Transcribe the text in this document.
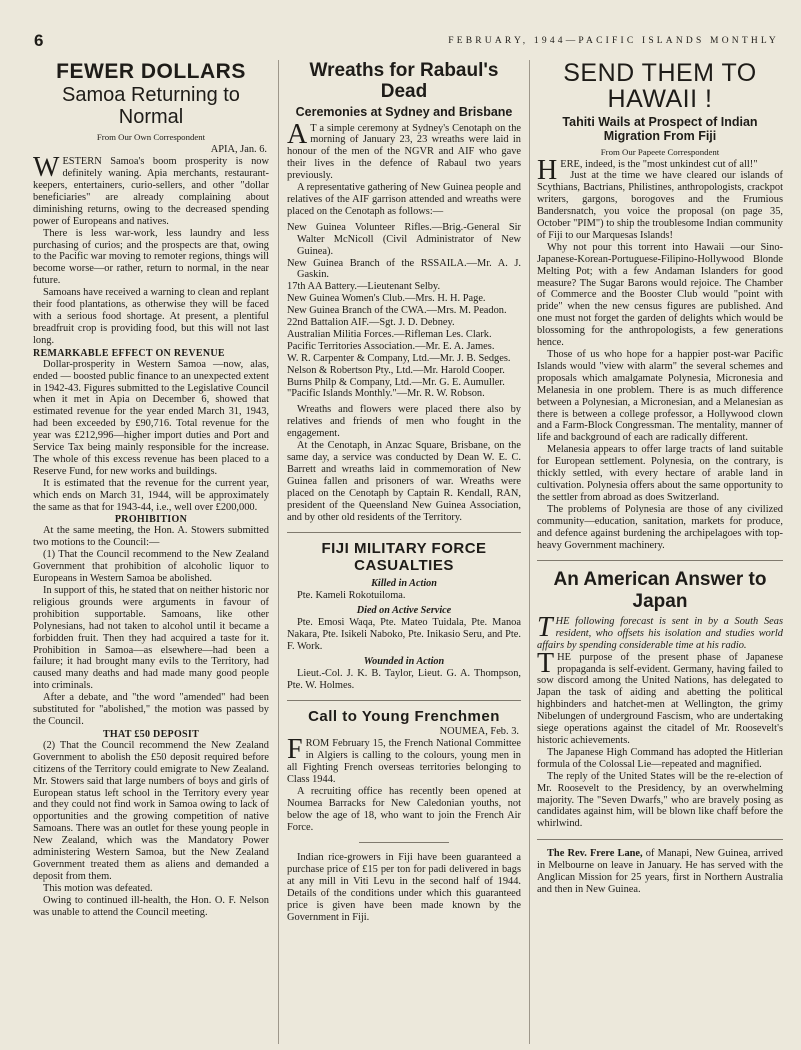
6	FEBRUARY, 1944—PACIFIC ISLANDS MONTHLY
FEWER DOLLARS
Samoa Returning to Normal
From Our Own Correspondent
APIA, Jan. 6.

WESTERN Samoa's boom prosperity is now definitely waning. Apia merchants, restaurant-keepers, entertainers, curio-sellers, and other "dollar beneficiaries" are already complaining about diminishing returns, owing to the decreased spending power of Europeans and natives.

There is less war-work, less laundry and less purchasing of curios; and the prospects are that, owing to the Pacific war moving to remoter regions, things will become worse—or rather, return to normal, in the near future.

Samoans have received a warning to clean and replant their food plantations, as otherwise they will be faced with a serious food shortage. At present, a plentiful breadfruit crop is providing food, but this will not last long.

REMARKABLE EFFECT ON REVENUE

Dollar-prosperity in Western Samoa —now, alas, ended — boosted public finance to an unexpected extent in 1942-43. Figures submitted to the Legislative Council when it met in Apia on December 6, showed that estimated revenue for the year ended March 31, 1943, had been exceeded by £90,716. Total revenue for the year was £212,996—higher import duties and Port and Service Tax being mainly responsible for the increase. The whole of this excess revenue has been placed to a Reserve Fund, for new works and buildings.

It is estimated that the revenue for the current year, which ends on March 31, 1944, will be approximately the same as that for 1943-44, i.e., well over £200,000.

PROHIBITION

At the same meeting, the Hon. A. Stowers submitted two motions to the Council:—

(1) That the Council recommend to the New Zealand Government that prohibition of alcoholic liquor to Europeans in Western Samoa be abolished.

In support of this, he stated that on neither historic nor religious grounds were arguments in favour of prohibition supportable. Samoans, like other Polynesians, had not taken to alcohol until it became a forbidden fruit. Then they had acquired a taste for it. Prohibition in Samoa—as elsewhere—had been a failure; it had brought many evils to the Territory, had caused many deaths and had made many good people into criminals.

After a debate, and "the word "amended" had been substituted for "abolished," the motion was passed by the Council.

THAT £50 DEPOSIT

(2) That the Council recommend the New Zealand Government to abolish the £50 deposit required before citizens of the Territory could emigrate to New Zealand. Mr. Stowers said that large numbers of boys and girls of European status left school in the Territory every year and they could not find work in Samoa owing to lack of opportunities and the growing competition of native Samoans. There was an outlet for these young people in New Zealand, which was the Mandatory Power administering Western Samoa, but the New Zealand Government treated them as aliens and demanded a deposit from them.

This motion was defeated.

Owing to continued ill-health, the Hon. O. F. Nelson was unable to attend the Council meeting.

Wreaths for Rabaul's Dead
Ceremonies at Sydney and Brisbane

A T a simple ceremony at Sydney's Cenotaph on the morning of January 23, 23 wreaths were laid in honour of the men of the NGVR and AIF who gave their lives in the defence of Rabaul two years previously.

A representative gathering of New Guinea people and relatives of the AIF garrison attended and wreaths were placed on the Cenotaph as follows:—

New Guinea Volunteer Rifles.—Brig.-General Sir Walter McNicoll (Civil Administrator of New Guinea).

New Guinea Branch of the RSSAILA.—Mr. A. J. Gaskin.

17th AA Battery.—Lieutenant Selby.

New Guinea Women's Club.—Mrs. H. H. Page.

New Guinea Branch of the CWA.—Mrs. M. Peadon.

22nd Battalion AIF.—Sgt. J. D. Debney.

Australian Militia Forces.—Rifleman Les. Clark.

Pacific Territories Association.—Mr. E. A. James.

W. R. Carpenter & Company, Ltd.—Mr. J. B. Sedges.

Nelson & Robertson Pty., Ltd.—Mr. Harold Cooper.

Burns Philp & Company, Ltd.—Mr. G. E. Aumuller.

"Pacific Islands Monthly."—Mr. R. W. Robson.

Wreaths and flowers were placed there also by relatives and friends of men who fought in the engagement.

At the Cenotaph, in Anzac Square, Brisbane, on the same day, a service was conducted by Dean W. E. C. Barrett and wreaths laid in commemoration of New Guinea fallen and prisoners of war. Wreaths were placed on the Cenotaph by Captain R. Kendall, RAN, president of the Queensland New Guinea Association, and by other old residents of the Territory.

FIJI MILITARY FORCE CASUALTIES
Killed in Action

Pte. Kameli Rokotuiloma.

Died on Active Service

Pte. Emosi Waqa, Pte. Mateo Tuidala, Pte. Manoa Nakara, Pte. Isikeli Naboko, Pte. Inikasio Seru, and Pte. F. Work.

Wounded in Action

Lieut.-Col. J. K. B. Taylor, Lieut. G. A. Thompson, Pte. W. Holmes.

Call to Young Frenchmen
NOUMEA, Feb. 3.

FROM February 15, the French National Committee in Algiers is calling to the colours, young men in all Fighting French overseas territories belonging to Class 1944.

A recruiting office has recently been opened at Noumea Barracks for New Caledonian youths, not below the age of 18, who want to join the French Air Force.

Indian rice-growers in Fiji have been guaranteed a purchase price of £15 per ton for padi delivered in bags at any mill in Viti Levu in the second half of 1944. Details of the conditions under which this guaranteed price is given have been made known by the Government in Fiji.

SEND THEM TO HAWAII !
Tahiti Wails at Prospect of Indian Migration From Fiji
From Our Papeete Correspondent

HERE, indeed, is the "most unkindest cut of all!"

Just at the time we have cleared our islands of Scythians, Bactrians, Philistines, anthropologists, crackpot writers, gargons, borogoves and the Frumious Bandersnatch, you voice the proposal (on page 35, October "PIM") to ship the troublesome Indian community of Fiji to our Marquesas Islands!

Why not pour this torrent into Hawaii —our Sino-Japanese-Korean-Portuguese-Filipino-Hollywood Blonde Melting Pot; with a few Andaman Islanders for good measure? The Sugar Barons would rejoice. The Chamber of Commerce and the Booster Club would "point with pride" when the new census figures are published. And one must not forget the garden of delights which would be blossoming for the anthropologists, a few generations hence.

Those of us who hope for a happier post-war Pacific Islands would "view with alarm" the several schemes and proposals which amalgamate Polynesia, Micronesia and Melanesia in one problem. There is as much difference between a Polynesian, a Micronesian, and a Melanesian as there is between a college professor, a Hollywood clown and a Farm-Block Congressman. The mentality, manner of life and background of each are radically different.

Melanesia appears to offer large tracts of land suitable for European settlement. Polynesia, on the contrary, is thickly settled, with every hectare of arable land in cultivation. Polynesia offers about the same opportunity to the settler from abroad as does Switzerland.

The problems of Polynesia are those of any civilized community—education, sanitation, markets for produce, and defence against burdening the archipelagoes with top-heavy Government machinery.

An American Answer to Japan

THE following forecast is sent in by a South Seas resident, who offsets his isolation and studies world affairs by spending considerable time at his radio.

THE purpose of the present phase of Japanese propaganda is self-evident. Germany, having failed to sow discord among the United Nations, has delegated to Japan the task of aiding and abetting the political highbinders and hatchet-men at Wellington, the grimy Nibelungen of underground Fascism, who are undertaking siege operations against the citadel of Mr. Roosevelt's historic achievements.

The Japanese High Command has adopted the Hitlerian formula of the Colossal Lie—repeated and magnified.

The reply of the United States will be the re-election of Mr. Roosevelt to the Presidency, by an overwhelming majority. The "Seven Dwarfs," who are bravely posing as candidates against him, will be blown like chaff before the whirlwind.

The Rev. Frere Lane, of Manapi, New Guinea, arrived in Melbourne on leave in January. He has served with the Anglican Mission for 25 years, first in Northern Australia and then in New Guinea.
